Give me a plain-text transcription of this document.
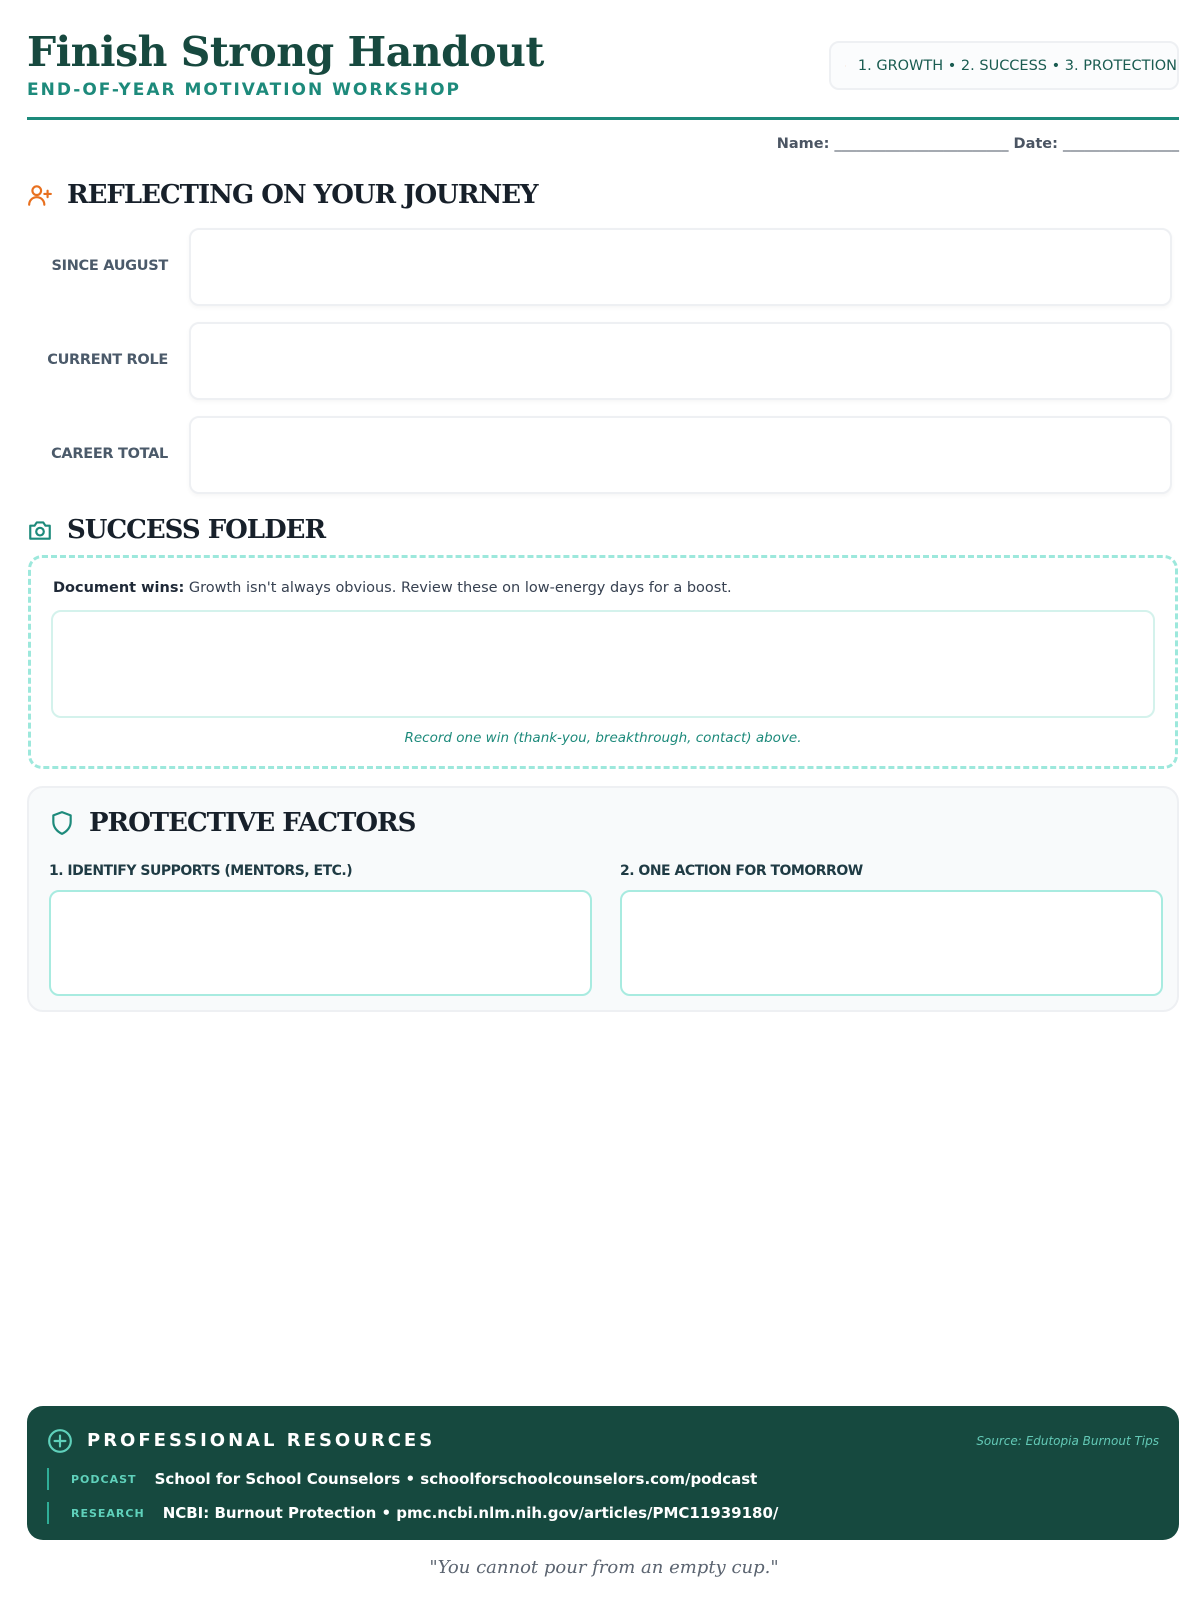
Finish Strong Handout
END-OF-YEAR MOTIVATION WORKSHOP
1. GROWTH • 2. SUCCESS • 3. PROTECTION
Name: ________________________ Date: ________________
REFLECTING ON YOUR JOURNEY
SINCE AUGUST
CURRENT ROLE
CAREER TOTAL
SUCCESS FOLDER
Document wins: Growth isn't always obvious. Review these on low-energy days for a boost.
Record one win (thank-you, breakthrough, contact) above.
PROTECTIVE FACTORS
1. IDENTIFY SUPPORTS (MENTORS, ETC.)	2. ONE ACTION FOR TOMORROW
PROFESSIONAL RESOURCES	Source: Edutopia Burnout Tips
PODCAST School for School Counselors • schoolforschoolcounselors.com/podcast
RESEARCH NCBI: Burnout Protection • pmc.ncbi.nlm.nih.gov/articles/PMC11939180/
"You cannot pour from an empty cup."
